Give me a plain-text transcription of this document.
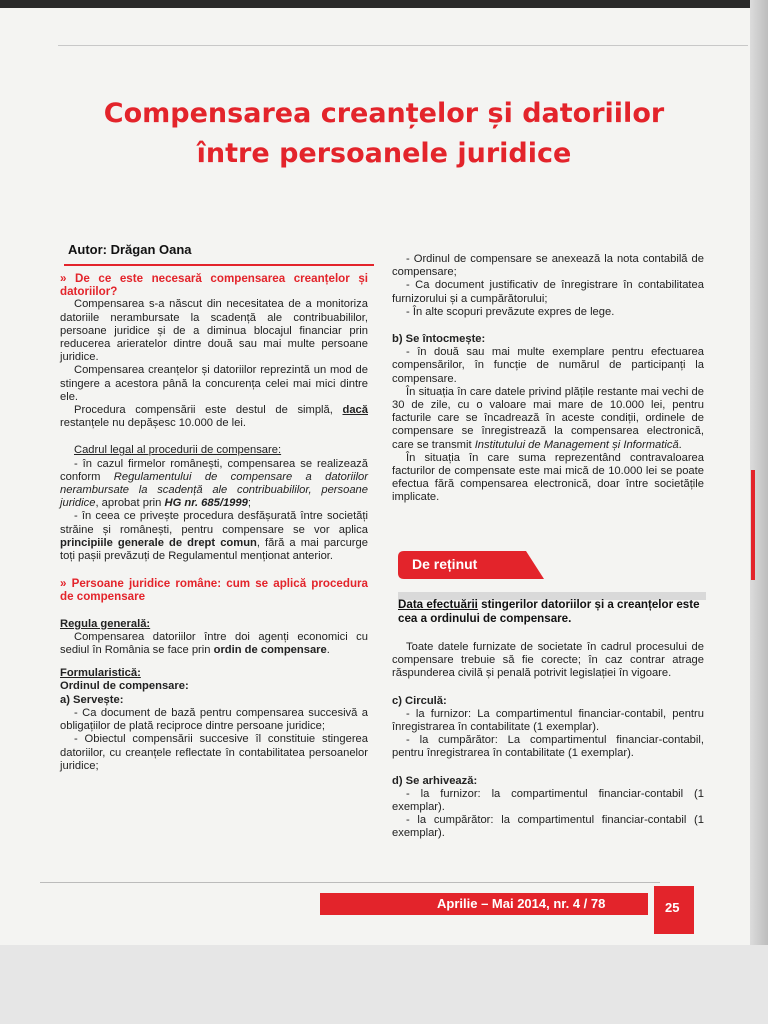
Compensarea creanțelor și datoriilor
între persoanele juridice
Autor: Drăgan Oana

» De ce este necesară compensarea creanțelor și datoriilor?

Compensarea s-a născut din necesitatea de a monitoriza datoriile nerambursate la scadență ale contribuabililor, persoane juridice și de a diminua blocajul financiar prin reducerea arieratelor dintre două sau mai multe persoane juridice.

Compensarea creanțelor și datoriilor reprezintă un mod de stingere a acestora până la concurența celei mai mici dintre ele.

Procedura compensării este destul de simplă, dacă restanțele nu depășesc 10.000 de lei.

Cadrul legal al procedurii de compensare:

- în cazul firmelor românești, compensarea se realizează conform Regulamentului de compensare a datoriilor nerambursate la scadență ale contribuabililor, persoane juridice, aprobat prin HG nr. 685/1999;

- în ceea ce privește procedura desfășurată între societăți străine și românești, pentru compensare se vor aplica principiile generale de drept comun, fără a mai parcurge toți pașii prevăzuți de Regulamentul menționat anterior.

» Persoane juridice române: cum se aplică procedura de compensare

Regula generală:

Compensarea datoriilor între doi agenți economici cu sediul în România se face prin ordin de compensare.

Formularistică:

Ordinul de compensare:

a) Servește:

- Ca document de bază pentru compensarea succesivă a obligațiilor de plată reciproce dintre persoane juridice;

- Obiectul compensării succesive îl constituie stingerea datoriilor, cu creanțele reflectate în contabilitatea persoanelor juridice;

- Ordinul de compensare se anexează la nota contabilă de compensare;

- Ca document justificativ de înregistrare în contabilitatea furnizorului și a cumpărătorului;

- În alte scopuri prevăzute expres de lege.

b) Se întocmește:

- în două sau mai multe exemplare pentru efectuarea compensărilor, în funcție de numărul de participanți la compensare.

În situația în care datele privind plățile restante mai vechi de 30 de zile, cu o valoare mai mare de 10.000 lei, pentru facturile care se încadrează în aceste condiții, ordinele de compensare se înregistrează la compensarea electronică, care se transmit Institutului de Management și Informatică.

În situația în care suma reprezentând contravaloarea facturilor de compensate este mai mică de 10.000 lei se poate efectua fără compensarea electronică, doar între societățile implicate.

De reținut
Data efectuării stingerilor datoriilor și a creanțelor este cea a ordinului de compensare.

Toate datele furnizate de societate în cadrul procesului de compensare trebuie să fie corecte; în caz contrar atrage răspunderea civilă și penală potrivit legislației în vigoare.

c) Circulă:

- la furnizor: La compartimentul financiar-contabil, pentru înregistrarea în contabilitate (1 exemplar).

- la cumpărător: La compartimentul financiar-contabil, pentru înregistrarea în contabilitate (1 exemplar).

d) Se arhivează:

- la furnizor: la compartimentul financiar-contabil (1 exemplar).

- la cumpărător: la compartimentul financiar-contabil (1 exemplar).

Aprilie – Mai 2014, nr. 4 / 78	25
